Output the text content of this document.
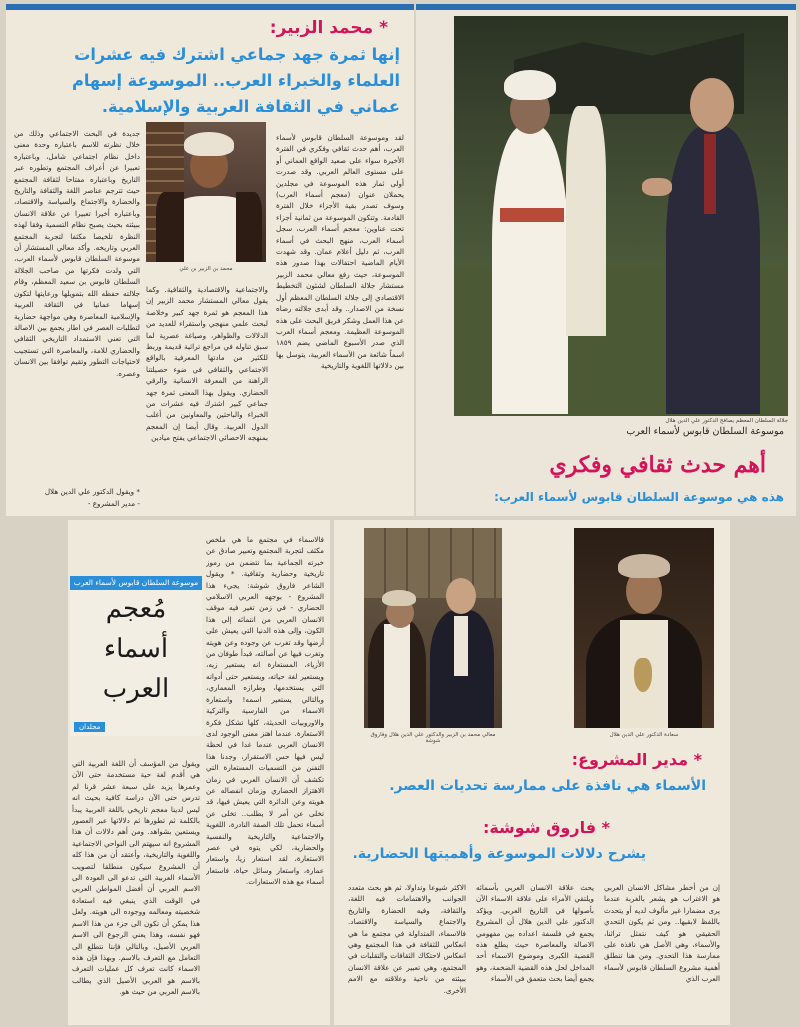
* محمد الزبير:
إنها ثمرة جهد جماعي اشترك فيه عشرات العلماء والخبراء العرب.. الموسوعة إسهام عماني في الثقافة العربية والإسلامية.

لقد وموسوعة السلطان قابوس لأسماء العرب، أهم حدث ثقافي وفكري في الفترة الأخيرة سواء على صعيد الواقع العماني أو على مستوى العالم العربي. وقد صدرت أولى ثمار هذه الموسوعة في مجلدين يحملان عنوان (معجم أسماء العرب) وسوف تصدر بقية الأجزاء خلال الفترة القادمة. وتتكون الموسوعة من ثمانية أجزاء تحت عناوين: معجم أسماء العرب، سجل أسماء العرب، منهج البحث في أسماء العرب، ثم دليل أعلام عمان. وقد شهدت الأيام الماضية احتفالات بهذا صدور هذه الموسوعة، حيث رفع معالي محمد الزبير مستشار جلالة السلطان لشئون التخطيط الاقتصادي إلى جلالة السلطان المعظم أول نسخة من الاصدار.. وقد أبدى جلالته رضاه عن هذا العمل وشكر فريق البحث على هذه الموسوعة العظيمة. ومعجم أسماء العرب الذي صدر الأسبوع الماضي يضم ١٨٥٩ اسماً شائعة من الأسماء العربية، يتوسل بها بين دلالاتها اللغوية والتاريخية

محمد بن الزبير بن علي

والاجتماعية والاقتصادية والثقافية. وكما يقول معالي المستشار محمد الزبير إن هذا المعجم هو ثمرة جهد كبير وخلاصة لبحث علمي منهجي واستقراء للعديد من الدلالات والظواهر، وصياغة عصرية لما سبق تناوله في مراجع تراثية قديمة وربط للكثير من مادتها المعرفية بالواقع الاجتماعي والثقافي في ضوء حصيلتنا الراهنة من المعرفة الانسانية والرقي الحضاري. ويقول بهذا المعنى ثمرة جهد جماعي كبير اشترك فيه عشرات من الخبراء والباحثين والمعاونين من أغلب الدول العربية. وقال أيضا إن المعجم بمنهجه الاحصائي الاجتماعي يفتح ميادين

جديدة في البحث الاجتماعي وذلك من خلال نظرته للاسم باعتباره وحدة معنى داخل نظام اجتماعي شامل، وباعتباره تعبيرا عن أعراف المجتمع وتطوره عبر التاريخ وباعتباره مفتاحا لثقافة المجتمع حيث تترجم عناصر اللغة والثقافة والتاريخ والحضارة والاجتماع والسياسة والاقتصاد، وباعتباره أخيرا تعبيرا عن علاقة الانسان ببيئته بحيث يصبح نظام التسمية وفقا لهذه النظرة تلخيصا مكثفا لتجربة المجتمع العربي وتاريخه. وأكد معالي المستشار أن موسوعة السلطان قابوس لأسماء العرب، التي ولدت فكرتها من صاحب الجلالة السلطان قابوس بن سعيد المعظم، وقام جلالته حفظه الله بتمويلها ورعايتها لتكون إسهاما عمانيا في الثقافة العربية والإسلامية المعاصرة وهي مواجهة حضارية لتطلبات العصر في اطار يجمع بين الاصالة التي تعني الاستمداد التاريخي الثقافي والحضاري للامة، والمعاصرة التي تستجيب لاحتياجات التطور وتقيم توافقا بين الانسان وعصره.

* ويقول الدكتور علي الدين هلال
- مدير المشروع -
جلالة السلطان المعظم يصافح الدكتور علي الدين هلال
موسوعة السلطان قابوس لأسماء العرب
أهم حدث ثقافي وفكري
هذه هي موسوعة السلطان قابوس لأسماء العرب:

فالاسماء في مجتمع ما هي ملخص مكثف لتجربة المجتمع وتعبير صادق عن خبرته الجماعية بما تتضمن من رموز تاريخية وحضارية وثقافية. * ويقول الشاعر فاروق شوشة: يجيء هذا المشروع - بوجهه العربي الاسلامي الحضاري - في زمن تغير فيه موقف الانسان العربي من انتمائه إلى هذا الكون، وإلى هذه الدنيا التي يعيش على أرضها وقد تغرب عن وجوده وعن هويته وتغرب فيها عن أصالته، فبدأ طوفان من الأزياء، المستعارة انه يستعير زيه، ويستعير لغة حياته، ويستعير حتى أدواته التي يستخدمها، وطرازه المعماري، وبالتالي يستعير اسمه! واستعارة الاسماء من الفارسية والتركية والاوروبيات الحديثة، كلها تشكل فكرة الاستعارة. عندما اهتز معنى الوجود لدى الانسان العربي عندما غدا في لحظة ليس فيها حس الاستقرار، وجدنا هذا التفنن من التسميات المستعارة التي تكشف أن الانسان العربي في زمان الاهتزاز الحضاري وزمان انفصاله عن هويته وعن الدائرة التي يعيش فيها، قد تخلى عن أمر لا يطلب.. تخلى عن أسماء تحمل تلك الصفة النادرة، اللغوية والاجتماعية والتاريخية والنفسية والحضارية، لكي يتوه في عصر الاستعارة، لقد استعار زيا، واستعار عمارة، واستعار وسائل حياة، فاستعار أسماء مع هذه الاستعارات.

موسوعة السلطان قابوس لأسماء العرب
مُعجم
أسماء
العرب
مجلدان

ويقول من المؤسف أن اللغة العربية التي هي أقدم لغة حية مستخدمة حتى الآن وعمرها يزيد على سبعة عشر قرنا لم تدرس حتى الآن دراسة كافية بحيث انه ليس لدينا معجم تاريخي باللغة العربية يبدأ بالكلمة ثم تطورها ثم دلالاتها عبر العصور ويستعين بشواهد. ومن أهم دلالات أن هذا المشروع انه سيهتم الى النواحي الاجتماعية واللغوية والتاريخية، وأعتقد أن من هذا كله أن المشروع سيكون منطلقا لتصويب الأسماء العربية التي تدعو الى العودة الى الاسم العربي أن أفضل المواطن العربي في الوقت الذي ينبغي فيه استعادة شخصيته ومعالمه ووجوده الى هويته. ولعل هذا يمكن أن تكون الى جزء من هذا الاسم فهو نفسه، وهذا يعني الرجوع الى الاسم العربي الأصيل، وبالتالي فإننا نتطلع الى التعامل مع التعرف بالاسم. وبهذا فإن هذه الاسماء كانت تعرف كل عمليات التعرف بالاسم هو العربي الأصيل الذي يطالب بالاسم العربي من حيث هو.

معالي محمد بن الزبير والدكتور علي الدين هلال وفاروق شوشة
سعادة الدكتور علي الدين هلال
* مدير المشروع:
الأسماء هي نافذة على ممارسة تحديات العصر.
* فاروق شوشة:
يشرح دلالات الموسوعة وأهميتها الحضارية.

إن من أخطر مشاكل الانسان العربي هو الاغتراب هو يشعر بالغربة عندما يرى مضمارا غير مألوف لديه أو يتحدث باللفظ لابقيها.. ومن ثم يكون التحدي الحقيقي هو كيف نتمثل تراثنا، والأسماء، وهي الأصل هي نافذة على ممارسة هذا التحدي. ومن هنا تنطلق أهمية مشروع السلطان قابوس لأسماء العرب الذي

يحث علاقة الانسان العربي بأسمائه ويلتقي الأمراء على علاقة الاسماء الآن بأصولها في التاريخ العربي. ويؤكد الدكتور علي الدين هلال أن المشروع يجمع في فلسفة اعداده بين مفهومي الاصالة والمعاصرة حيث يطلع هذه القضية الكبرى وموضوع الاسماء أحد المداخل لحل هذه القضية الضخمة، وهو يجمع أيضا بحث متعمق في الأسماء

الاكثر شيوعا وتداولا، ثم هو بحث متعدد الجوانب والاهتمامات فيه اللغة، والثقافة، وفيه الحضارة والتاريخ والاجتماع والسياسة والاقتصاد. فالاسماء، المتداولة في مجتمع ما هي انعكاس للثقافة في هذا المجتمع وهي انعكاس لاحتكاك الثقافات والتقلبات في المجتمع، وهي تعبير عن علاقة الانسان ببيئته من ناحية وعلاقته مع الامم الأخرى.
